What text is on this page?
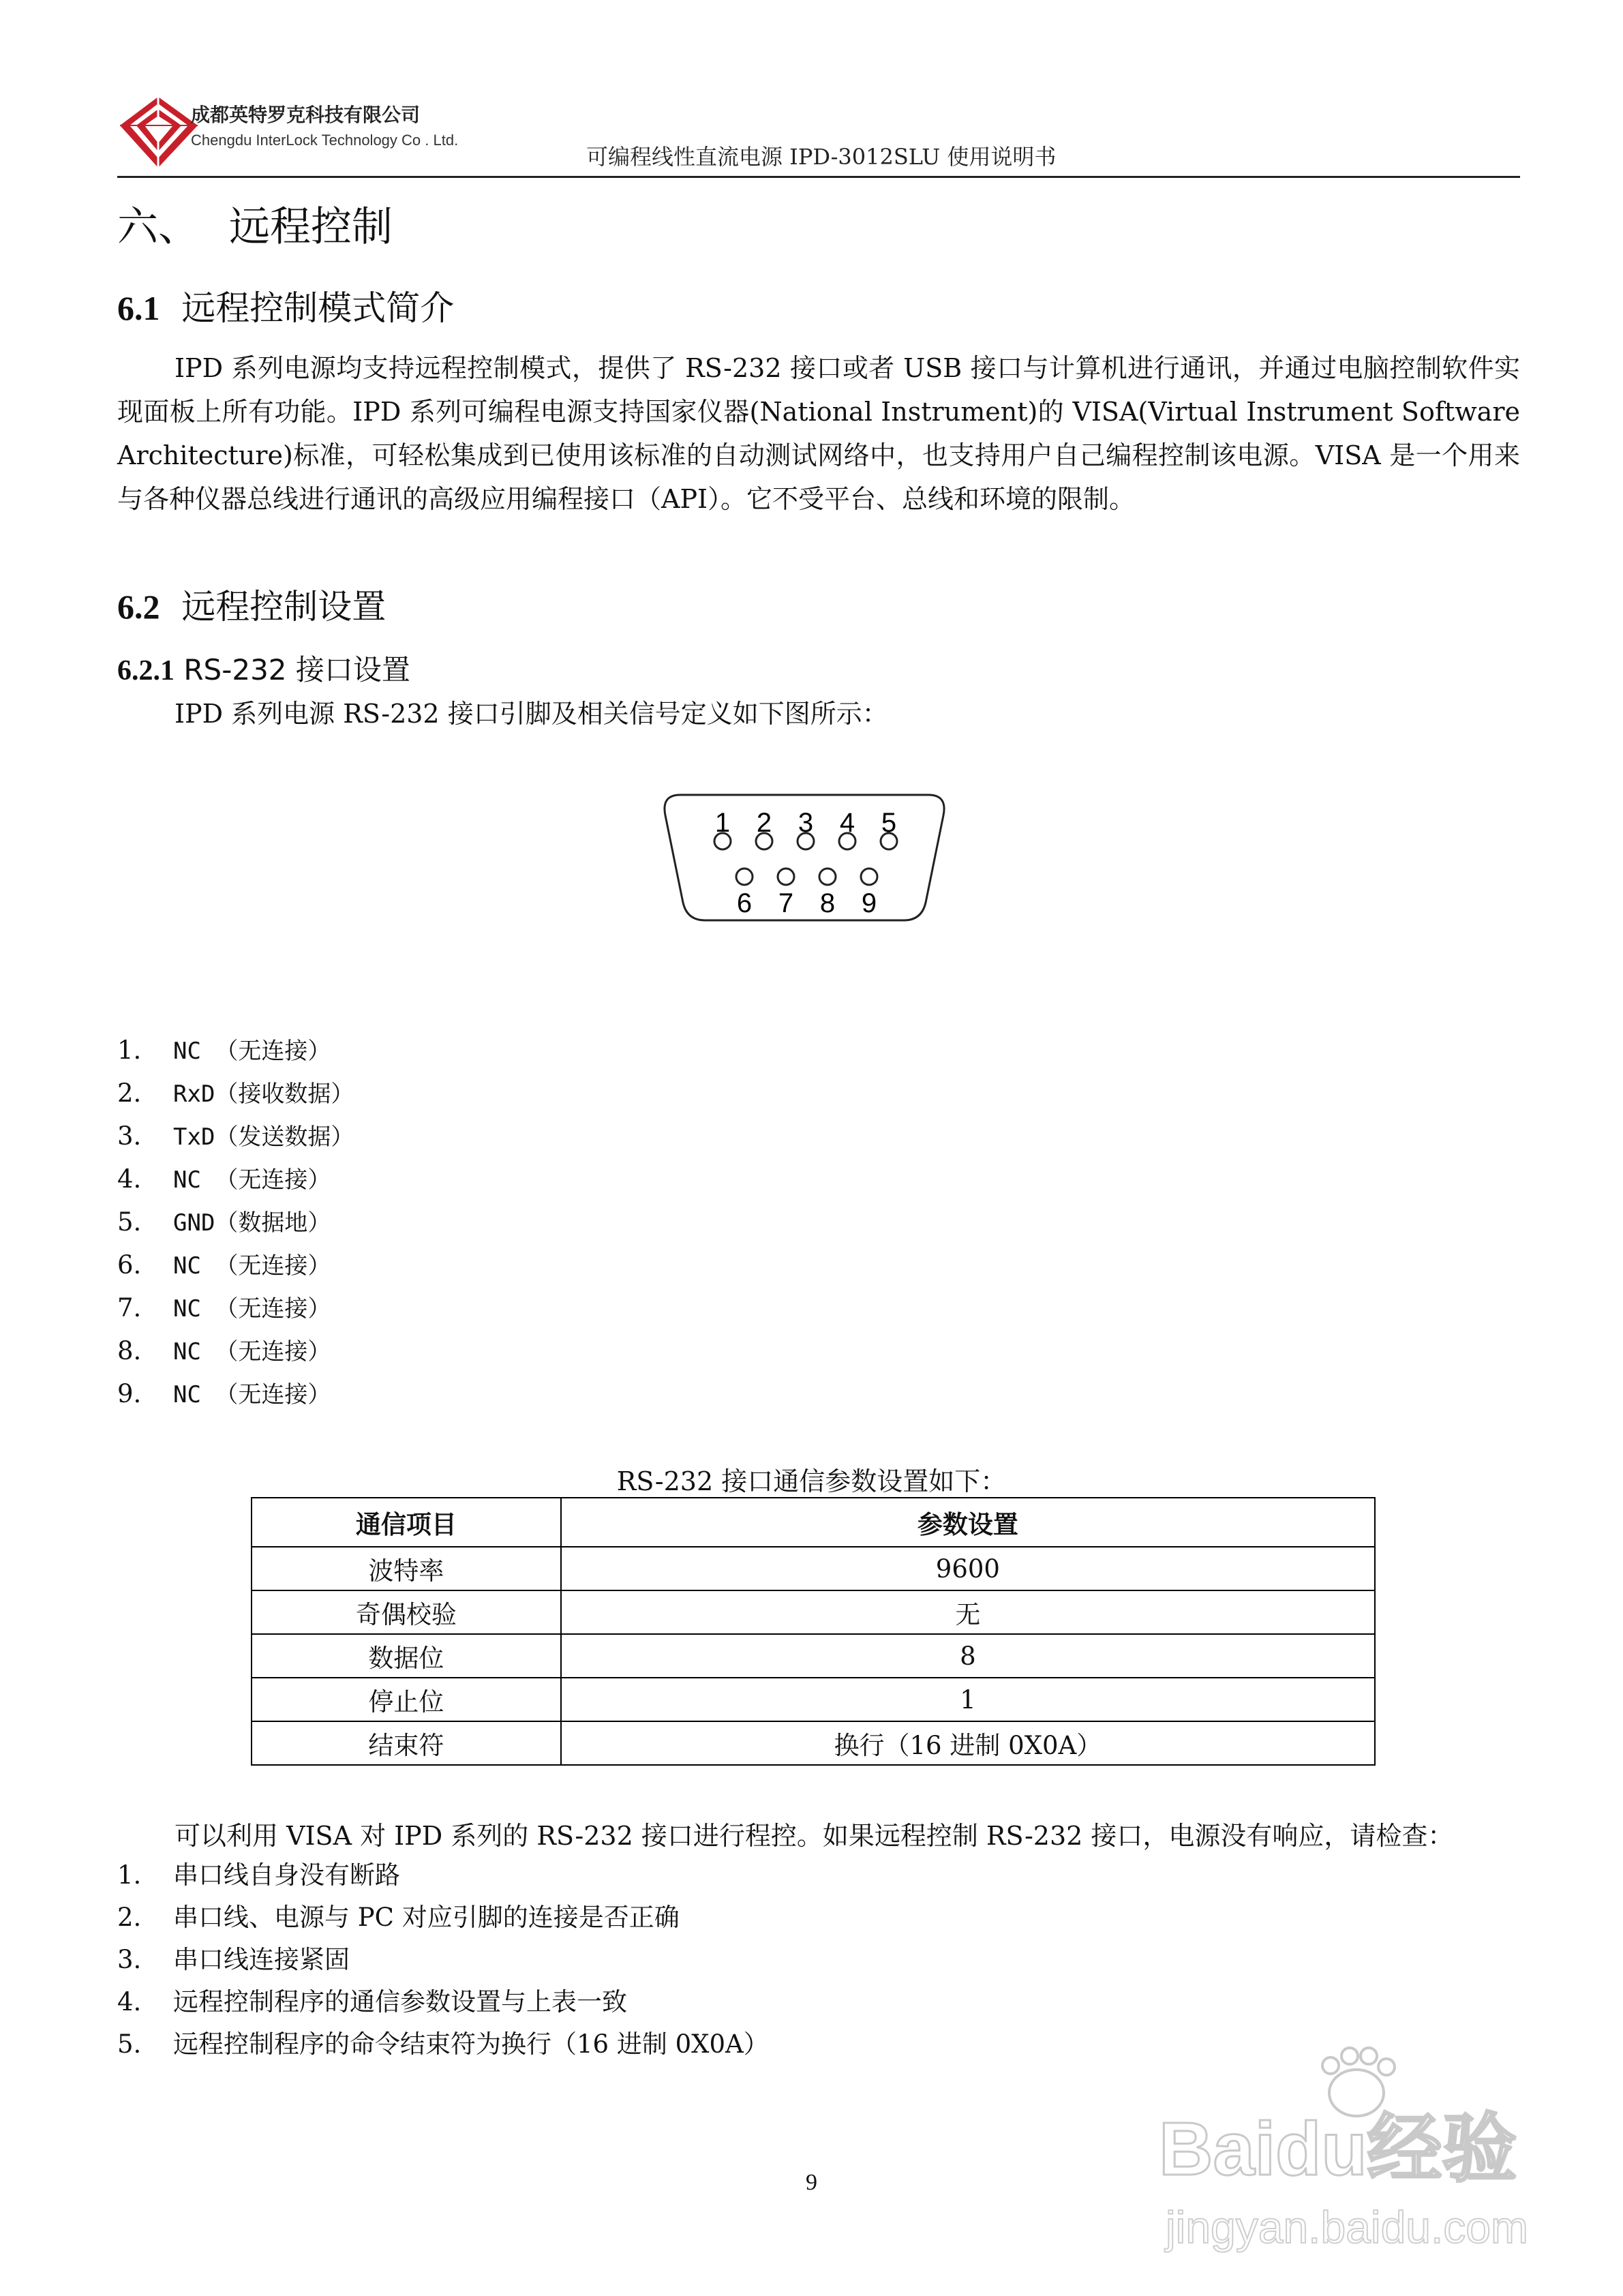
成都英特罗克科技有限公司
Chengdu InterLock Technology Co . Ltd.
可编程线性直流电源 IPD-3012SLU 使用说明书
六、 远程控制
6.1 远程控制模式简介
IPD 系列电源均支持远程控制模式，提供了 RS-232 接口或者 USB 接口与计算机进行通讯，并通过电脑控制软件实现面板上所有功能。IPD 系列可编程电源支持国家仪器(National Instrument)的 VISA(Virtual Instrument Software Architecture)标准，可轻松集成到已使用该标准的自动测试网络中，也支持用户自己编程控制该电源。VISA 是一个用来与各种仪器总线进行通讯的高级应用编程接口（API）。它不受平台、总线和环境的限制。
6.2 远程控制设置
6.2.1 RS-232 接口设置
IPD 系列电源 RS-232 接口引脚及相关信号定义如下图所示：
1 2 3 4 5
6 7 8 9
1. NC （无连接）
2. RxD（接收数据）
3. TxD（发送数据）
4. NC （无连接）
5. GND（数据地）
6. NC （无连接）
7. NC （无连接）
8. NC （无连接）
9. NC （无连接）
RS-232 接口通信参数设置如下：
通信项目	参数设置
波特率	9600
奇偶校验	无
数据位	8
停止位	1
结束符	换行（16 进制 0X0A）
可以利用 VISA 对 IPD 系列的 RS-232 接口进行程控。如果远程控制 RS-232 接口，电源没有响应，请检查：
1. 串口线自身没有断路
2. 串口线、电源与 PC 对应引脚的连接是否正确
3. 串口线连接紧固
4. 远程控制程序的通信参数设置与上表一致
5. 远程控制程序的命令结束符为换行（16 进制 0X0A）
9	Baidu经验
jingyan.baidu.com
